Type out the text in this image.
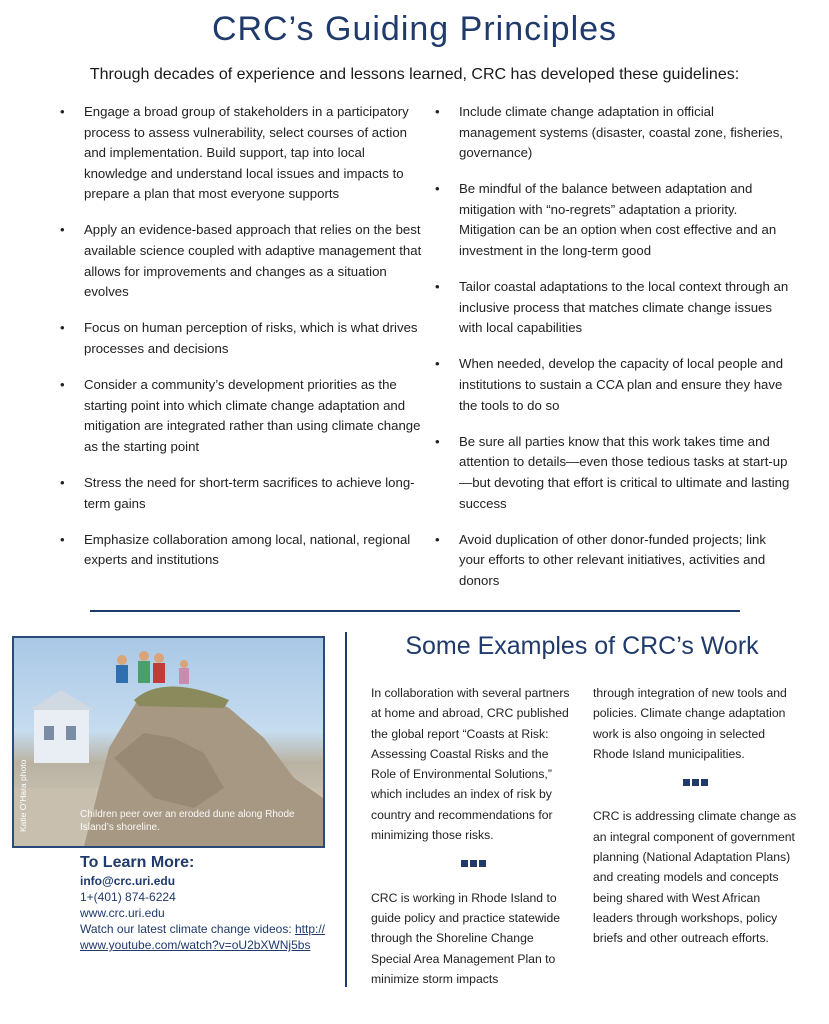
CRC’s Guiding Principles

Through decades of experience and lessons learned, CRC has developed these guidelines:

• Engage a broad group of stakeholders in a participatory process to assess vulnerability, select courses of action and implementation. Build support, tap into local knowledge and understand local issues and impacts to prepare a plan that most everyone supports
• Apply an evidence-based approach that relies on the best available science coupled with adaptive management that allows for improvements and changes as a situation evolves
• Focus on human perception of risks, which is what drives processes and decisions
• Consider a community’s development priorities as the starting point into which climate change adaptation and mitigation are integrated rather than using climate change as the starting point
• Stress the need for short-term sacrifices to achieve long-term gains
• Emphasize collaboration among local, national, regional experts and institutions
• Include climate change adaptation in official management systems (disaster, coastal zone, fisheries, governance)
• Be mindful of the balance between adaptation and mitigation with “no-regrets” adaptation a priority. Mitigation can be an option when cost effective and an investment in the long-term good
• Tailor coastal adaptations to the local context through an inclusive process that matches climate change issues with local capabilities
• When needed, develop the capacity of local people and institutions to sustain a CCA plan and ensure they have the tools to do so
• Be sure all parties know that this work takes time and attention to details—even those tedious tasks at start-up—but devoting that effort is critical to ultimate and lasting success
• Avoid duplication of other donor-funded projects; link your efforts to other relevant initiatives, activities and donors
Children peer over an eroded dune along Rhode Island’s shoreline.
Katie O’Hara photo
To Learn More:
info@crc.uri.edu
1+(401) 874-6224
www.crc.uri.edu
Watch our latest climate change videos: http://www.youtube.com/watch?v=oU2bXWNj5bs
Some Examples of CRC’s Work

In collaboration with several partners at home and abroad, CRC published the global report “Coasts at Risk: Assessing Coastal Risks and the Role of Environmental Solutions,” which includes an index of risk by country and recommendations for minimizing those risks.

CRC is working in Rhode Island to guide policy and practice statewide through the Shoreline Change Special Area Management Plan to minimize storm impacts

through integration of new tools and policies. Climate change adaptation work is also ongoing in selected Rhode Island municipalities.

CRC is addressing climate change as an integral component of government planning (National Adaptation Plans) and creating models and concepts being shared with West African leaders through workshops, policy briefs and other outreach efforts.
